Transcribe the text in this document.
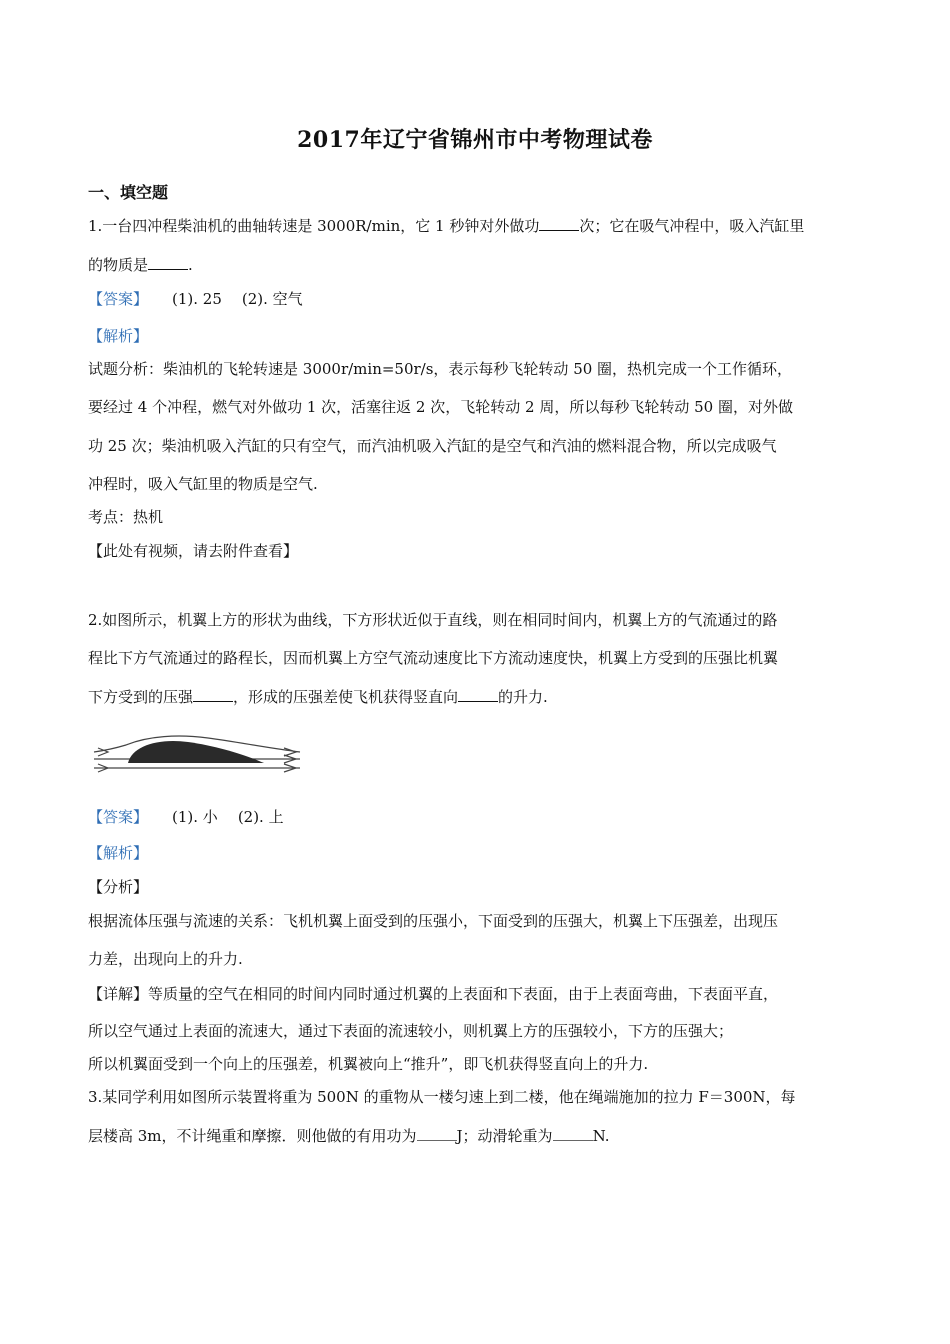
2017年辽宁省锦州市中考物理试卷
一、填空题
1.一台四冲程柴油机的曲轴转速是 3000R/min，它 1 秒钟对外做功	次；它在吸气冲程中，吸入汽缸里
的物质是	.
【答案】 (1). 25 (2). 空气
【解析】
试题分析：柴油机的飞轮转速是 3000r/min=50r/s，表示每秒飞轮转动 50 圈，热机完成一个工作循环，
要经过 4 个冲程，燃气对外做功 1 次，活塞往返 2 次，飞轮转动 2 周，所以每秒飞轮转动 50 圈，对外做
功 25 次；柴油机吸入汽缸的只有空气，而汽油机吸入汽缸的是空气和汽油的燃料混合物，所以完成吸气
冲程时，吸入气缸里的物质是空气.
考点：热机
【此处有视频，请去附件查看】
2.如图所示，机翼上方的形状为曲线，下方形状近似于直线，则在相同时间内，机翼上方的气流通过的路
程比下方气流通过的路程长，因而机翼上方空气流动速度比下方流动速度快，机翼上方受到的压强比机翼
下方受到的压强	，形成的压强差使飞机获得竖直向	的升力.
【答案】 (1). 小 (2). 上
【解析】
【分析】
根据流体压强与流速的关系：飞机机翼上面受到的压强小，下面受到的压强大，机翼上下压强差，出现压
力差，出现向上的升力.
【详解】等质量的空气在相同的时间内同时通过机翼的上表面和下表面，由于上表面弯曲，下表面平直，
所以空气通过上表面的流速大，通过下表面的流速较小，则机翼上方的压强较小，下方的压强大；
所以机翼面受到一个向上的压强差，机翼被向上“推升”，即飞机获得竖直向上的升力.
3.某同学利用如图所示装置将重为 500N 的重物从一楼匀速上到二楼，他在绳端施加的拉力 F＝300N，每
层楼高 3m，不计绳重和摩擦．则他做的有用功为	J；动滑轮重为	N.
